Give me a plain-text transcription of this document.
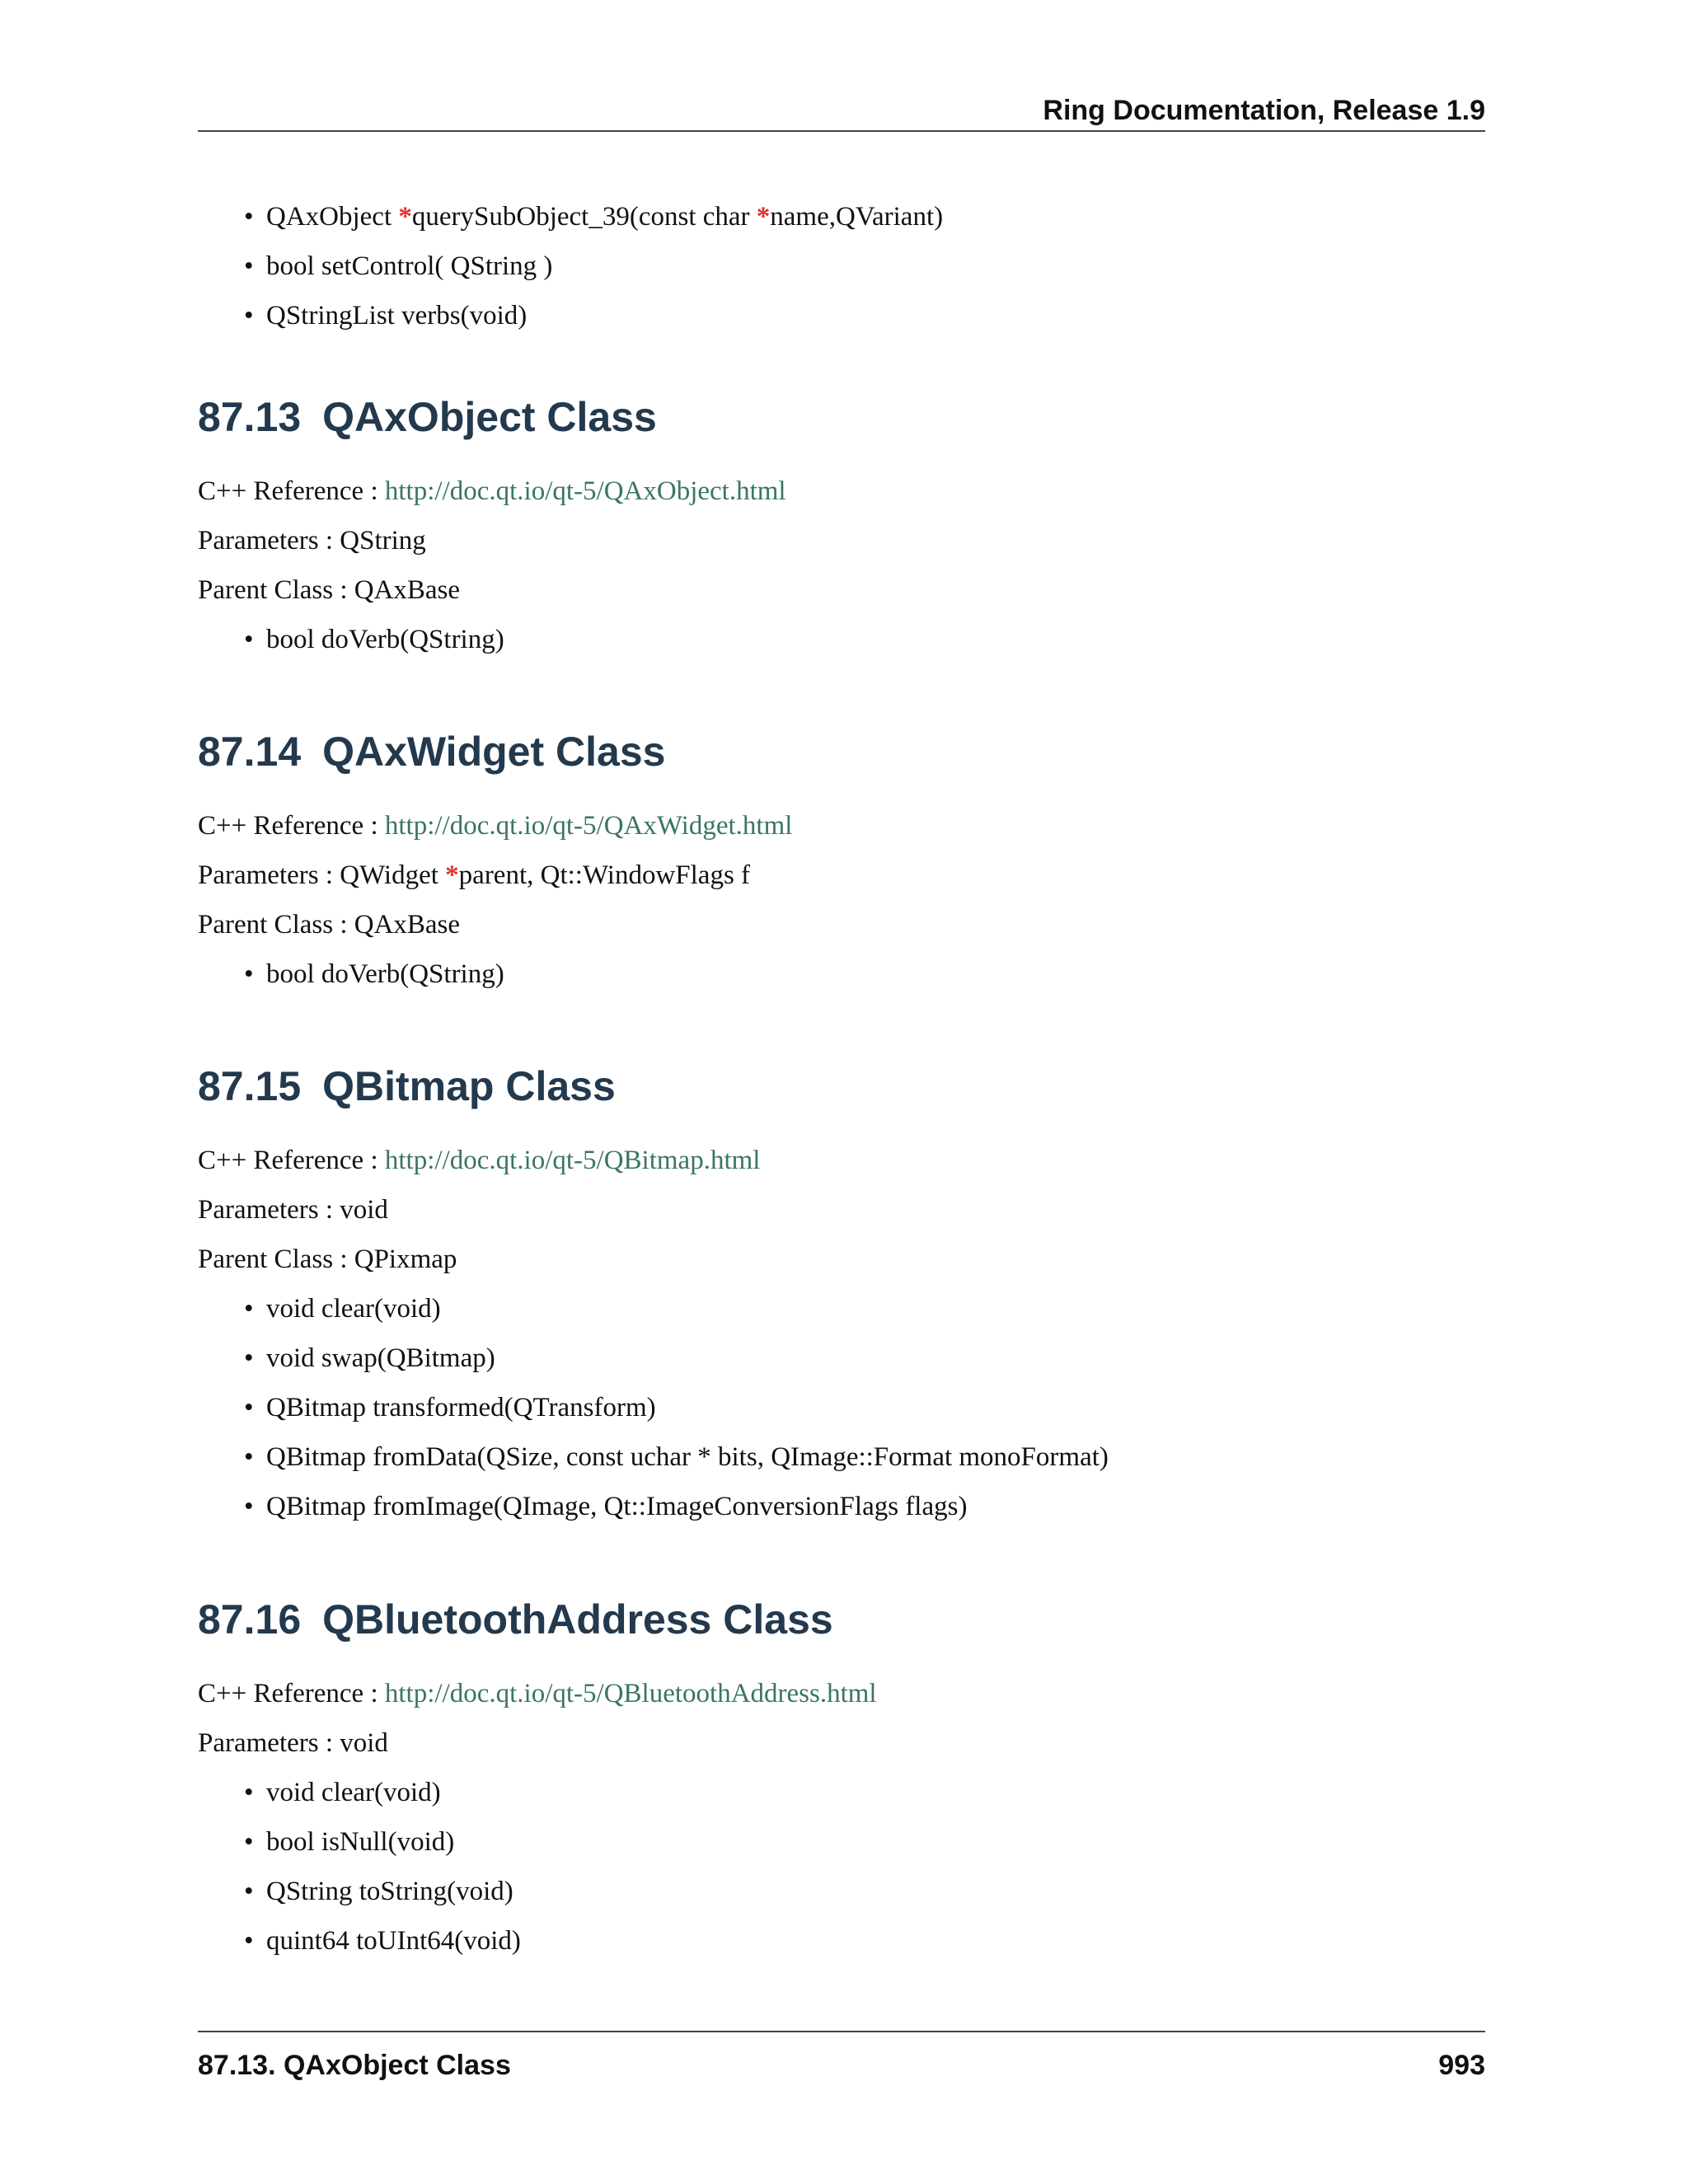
Ring Documentation, Release 1.9
• QAxObject *querySubObject_39(const char *name,QVariant)
• bool setControl( QString )
• QStringList verbs(void)
87.13 QAxObject Class
C++ Reference : http://doc.qt.io/qt-5/QAxObject.html
Parameters : QString
Parent Class : QAxBase
• bool doVerb(QString)
87.14 QAxWidget Class
C++ Reference : http://doc.qt.io/qt-5/QAxWidget.html
Parameters : QWidget *parent, Qt::WindowFlags f
Parent Class : QAxBase
• bool doVerb(QString)
87.15 QBitmap Class
C++ Reference : http://doc.qt.io/qt-5/QBitmap.html
Parameters : void
Parent Class : QPixmap
• void clear(void)
• void swap(QBitmap)
• QBitmap transformed(QTransform)
• QBitmap fromData(QSize, const uchar * bits, QImage::Format monoFormat)
• QBitmap fromImage(QImage, Qt::ImageConversionFlags flags)
87.16 QBluetoothAddress Class
C++ Reference : http://doc.qt.io/qt-5/QBluetoothAddress.html
Parameters : void
• void clear(void)
• bool isNull(void)
• QString toString(void)
• quint64 toUInt64(void)
87.13. QAxObject Class	993
